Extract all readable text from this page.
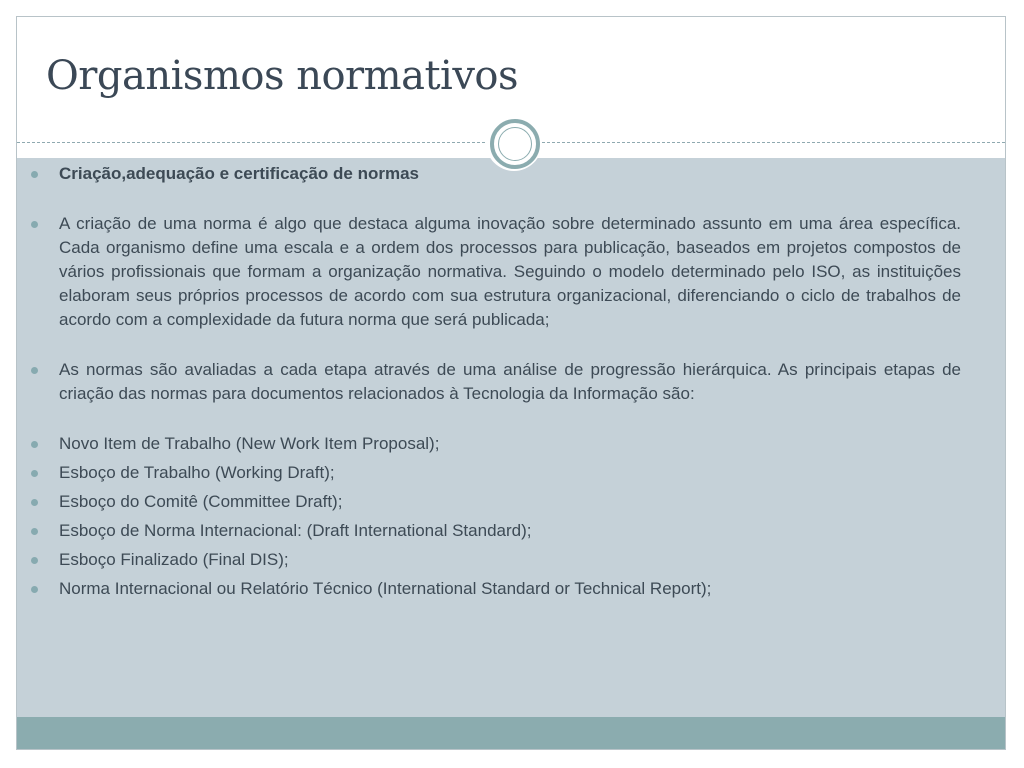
Organismos normativos
Criação,adequação e certificação de normas
A criação de uma norma é algo que destaca alguma inovação sobre determinado assunto em uma área específica. Cada organismo define uma escala e a ordem dos processos para publicação, baseados em projetos compostos de vários profissionais que formam a organização normativa. Seguindo o modelo determinado pelo ISO, as instituições elaboram seus próprios processos de acordo com sua estrutura organizacional, diferenciando o ciclo de trabalhos de acordo com a complexidade da futura norma que será publicada;
As normas são avaliadas a cada etapa através de uma análise de progressão hierárquica. As principais etapas de criação das normas para documentos relacionados à Tecnologia da Informação são:
Novo Item de Trabalho (New Work Item Proposal);
Esboço de Trabalho (Working Draft);
Esboço do Comitê (Committee Draft);
Esboço de Norma Internacional: (Draft International Standard);
Esboço Finalizado (Final DIS);
Norma Internacional ou Relatório Técnico (International Standard or Technical Report);
